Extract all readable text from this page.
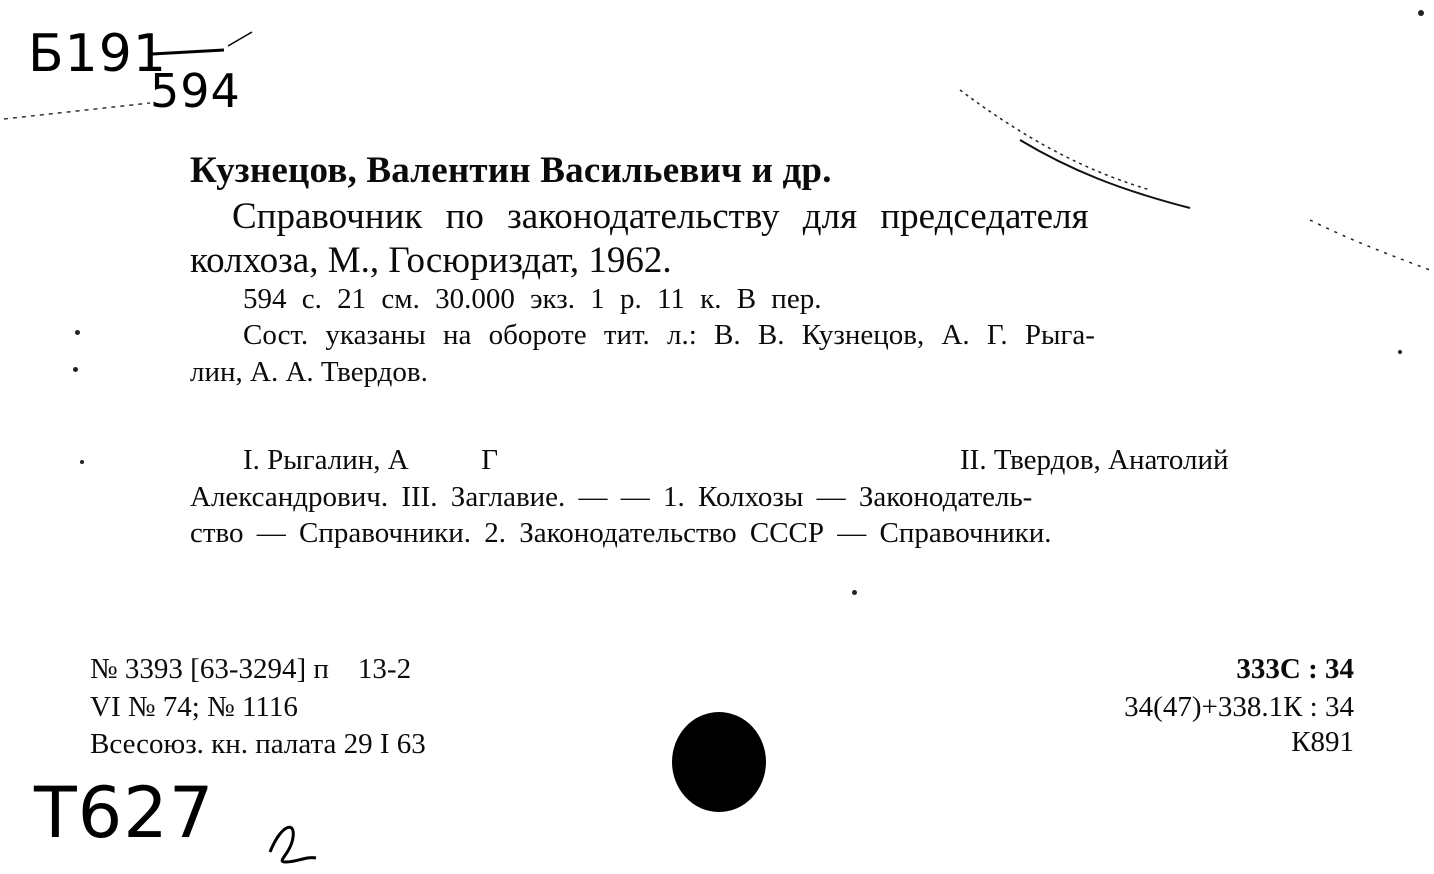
Б191
594
Кузнецов, Валентин Васильевич и др.
Справочник по законодательству для председателя
колхоза, М., Госюриздат, 1962.
594 с. 21 см. 30.000 экз. 1 р. 11 к. В пер.
Сост. указаны на обороте тит. л.: В. В. Кузнецов, А. Г. Рыга-
лин, А. А. Твердов.
I. Рыгалин, А          Г	II. Твердов, Анатолий
Александрович. III. Заглавие. — — 1. Колхозы — Законодатель-
ство — Справочники. 2. Законодательство СССР — Справочники.
№ 3393 [63-3294] п    13-2
VI № 74; № 1116
Всесоюз. кн. палата 29 I 63
333С : 34
34(47)+338.1К : 34
К891
Т627
